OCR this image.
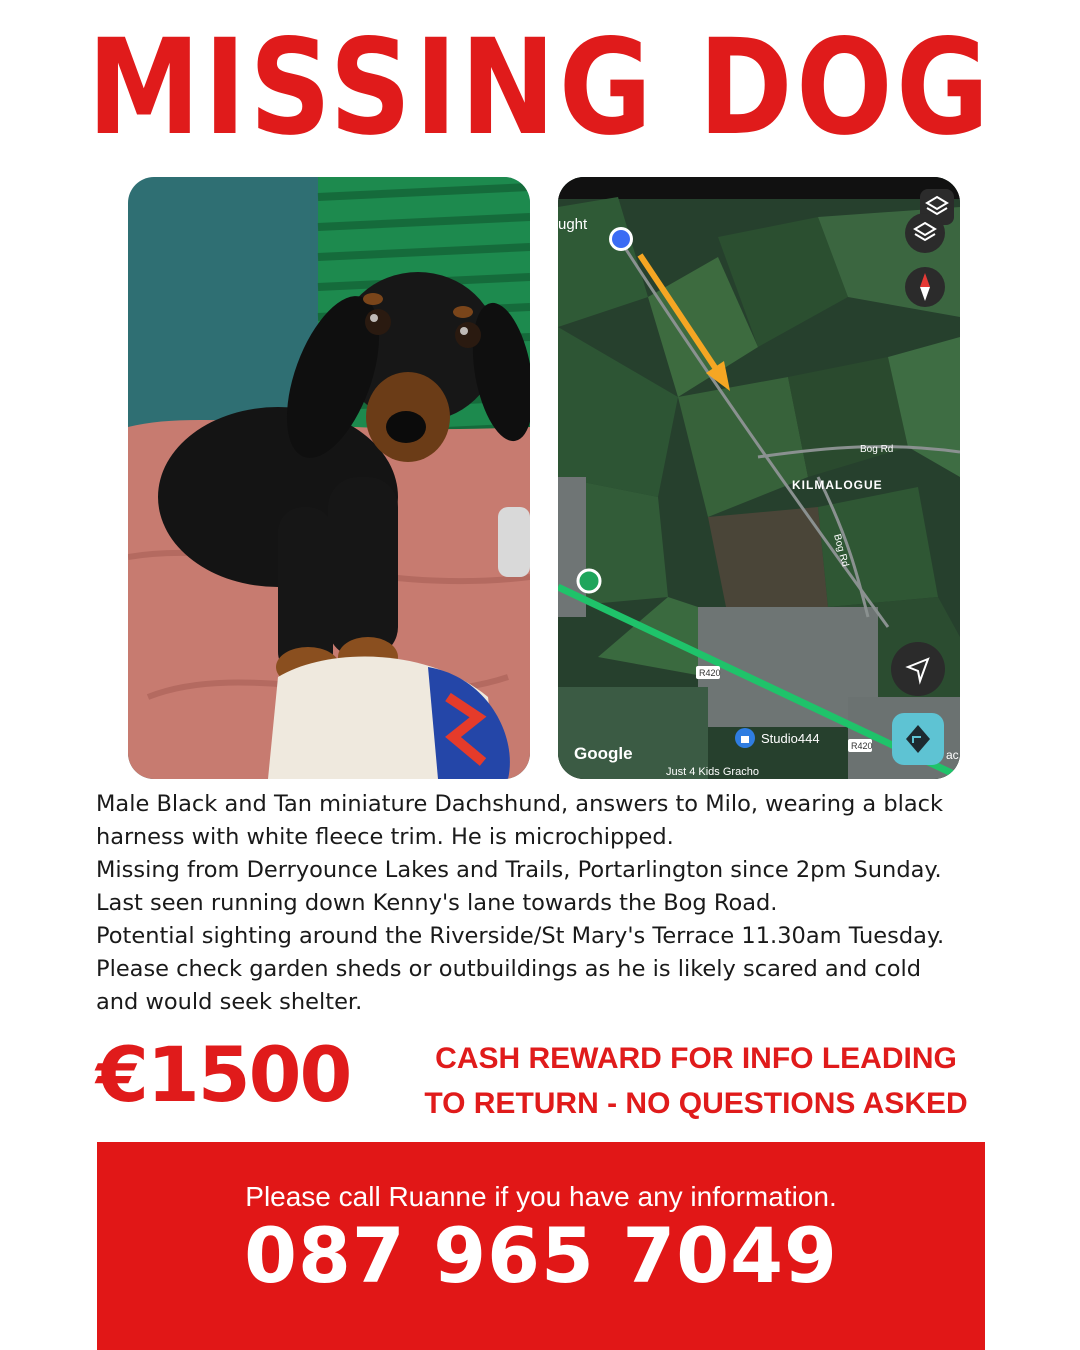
MISSING DOG
ught
Bog Rd
KILMALOGUE
Bog Rd
R420
R420
Studio444
Google
Just 4 Kids Gracho
ac

Male Black and Tan miniature Dachshund, answers to Milo, wearing a black

harness with white fleece trim. He is microchipped.

Missing from Derryounce Lakes and Trails, Portarlington since 2pm Sunday.

Last seen running down Kenny's lane towards the Bog Road.

Potential sighting around the Riverside/St Mary's Terrace 11.30am Tuesday.

Please check garden sheds or outbuildings as he is likely scared and cold

and would seek shelter.

€1500	CASH REWARD FOR INFO LEADING
TO RETURN - NO QUESTIONS ASKED
Please call Ruanne if you have any information.
087 965 7049
